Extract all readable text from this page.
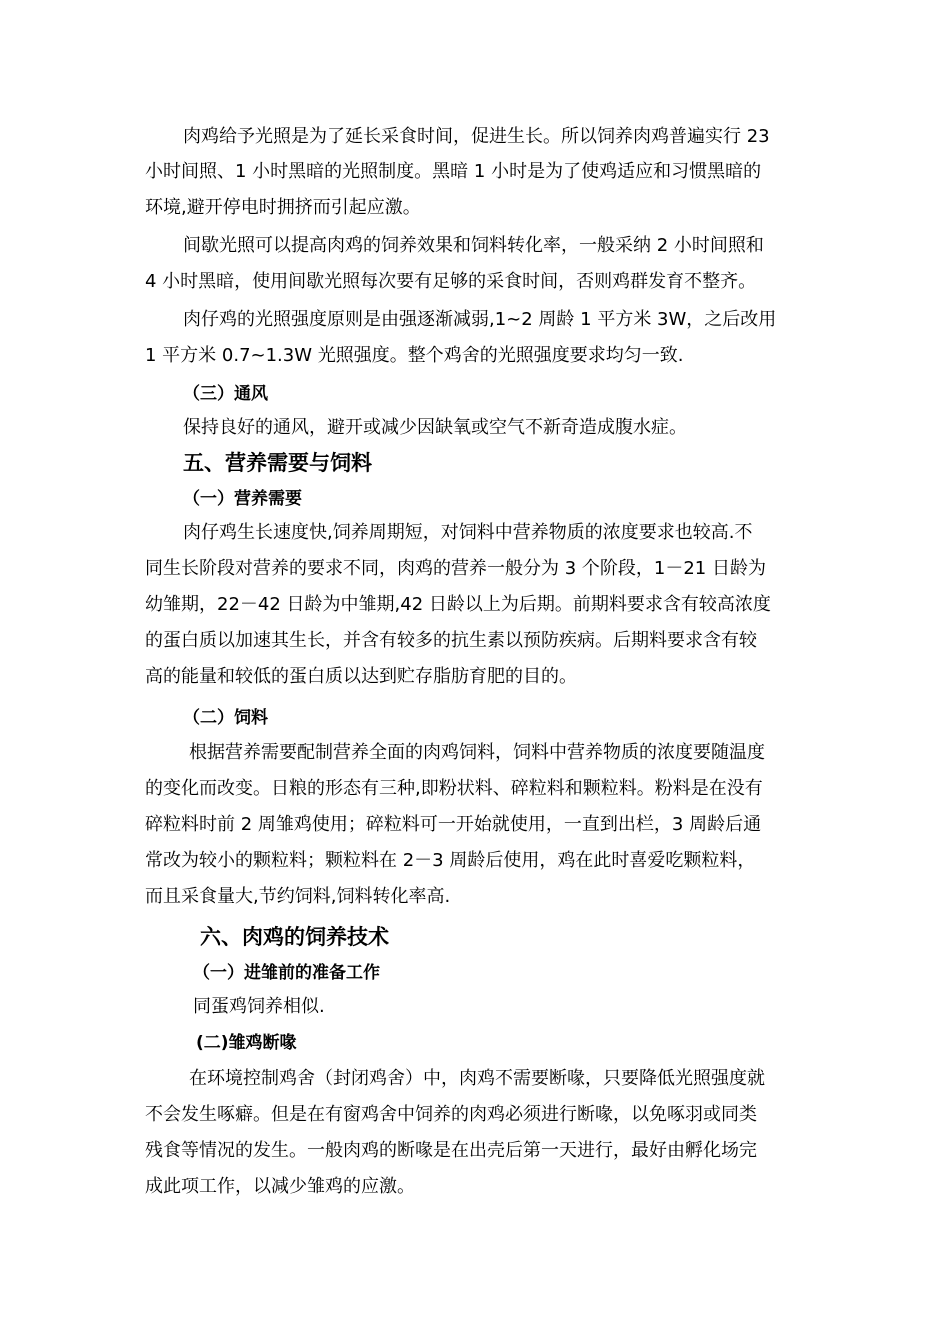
肉鸡给予光照是为了延长采食时间，促进生长。所以饲养肉鸡普遍实行 23

小时间照、1 小时黑暗的光照制度。黑暗 1 小时是为了使鸡适应和习惯黑暗的

环境,避开停电时拥挤而引起应激。

间歇光照可以提高肉鸡的饲养效果和饲料转化率，一般采纳 2 小时间照和

4 小时黑暗，使用间歇光照每次要有足够的采食时间，否则鸡群发育不整齐。

肉仔鸡的光照强度原则是由强逐渐减弱,1~2 周龄 1 平方米 3W，之后改用

1 平方米 0.7~1.3W 光照强度。整个鸡舍的光照强度要求均匀一致.

（三）通风

保持良好的通风，避开或减少因缺氧或空气不新奇造成腹水症。

五、营养需要与饲料
（一）营养需要

肉仔鸡生长速度快,饲养周期短，对饲料中营养物质的浓度要求也较高.不

同生长阶段对营养的要求不同，肉鸡的营养一般分为 3 个阶段，1－21 日龄为

幼雏期，22－42 日龄为中雏期,42 日龄以上为后期。前期料要求含有较高浓度

的蛋白质以加速其生长，并含有较多的抗生素以预防疾病。后期料要求含有较

高的能量和较低的蛋白质以达到贮存脂肪育肥的目的。

（二）饲料

根据营养需要配制营养全面的肉鸡饲料，饲料中营养物质的浓度要随温度

的变化而改变。日粮的形态有三种,即粉状料、碎粒料和颗粒料。粉料是在没有

碎粒料时前 2 周雏鸡使用；碎粒料可一开始就使用，一直到出栏，3 周龄后通

常改为较小的颗粒料；颗粒料在 2－3 周龄后使用，鸡在此时喜爱吃颗粒料，

而且采食量大,节约饲料,饲料转化率高.

六、肉鸡的饲养技术
（一）进雏前的准备工作

同蛋鸡饲养相似.

(二)雏鸡断喙

在环境控制鸡舍（封闭鸡舍）中，肉鸡不需要断喙，只要降低光照强度就

不会发生啄癖。但是在有窗鸡舍中饲养的肉鸡必须进行断喙，以免啄羽或同类

残食等情况的发生。一般肉鸡的断喙是在出壳后第一天进行，最好由孵化场完

成此项工作，以减少雏鸡的应激。
